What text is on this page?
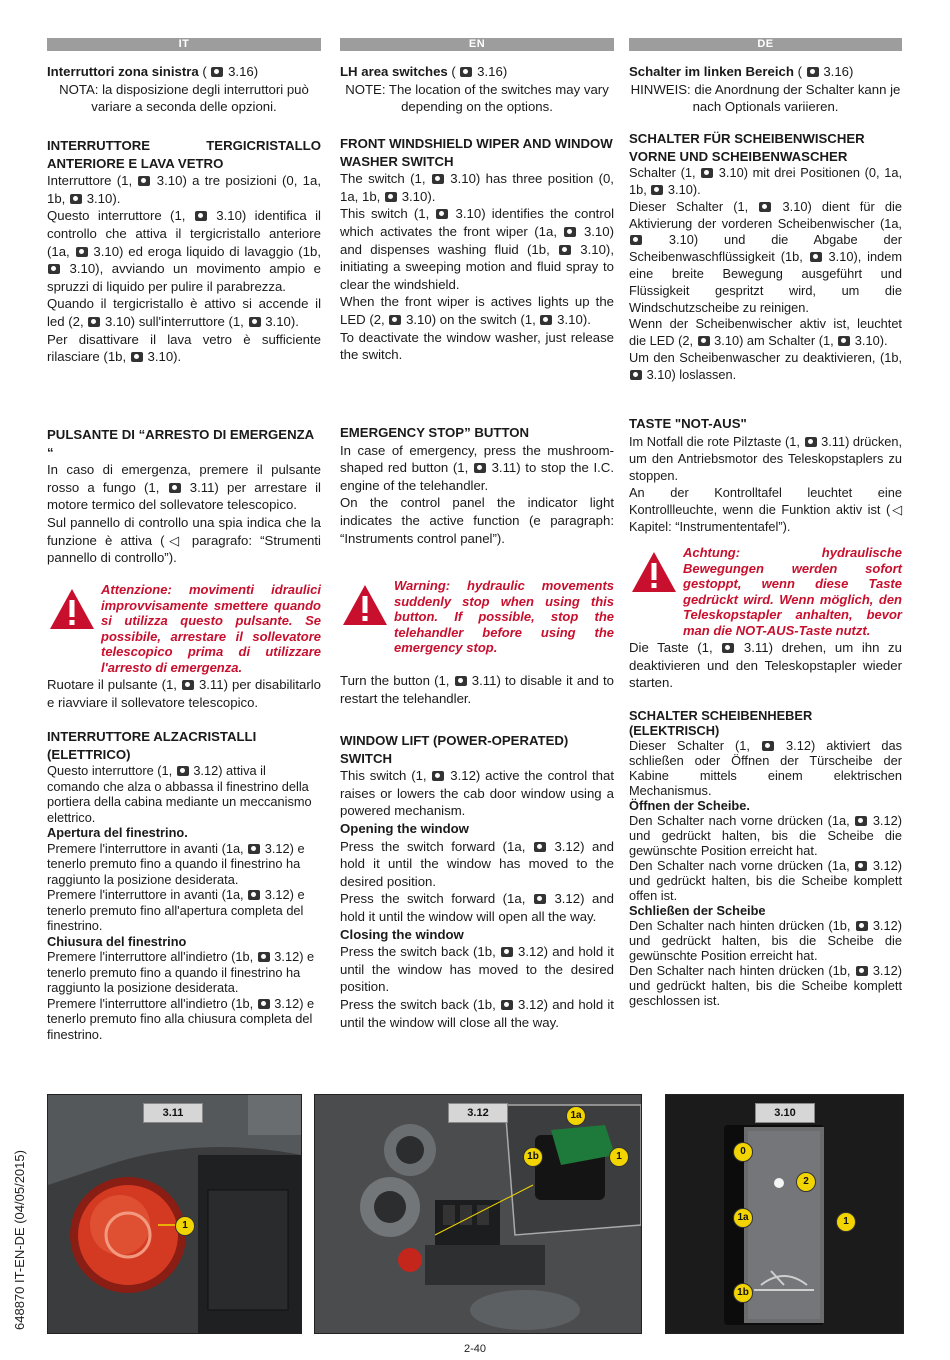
IT

Interruttori zona sinistra (  3.16)

NOTA: la disposizione degli interruttori può variare a seconda delle opzioni.

INTERRUTTORE TERGICRISTALLO ANTERIORE E LAVA VETRO

Interruttore (1, 3.10) a tre posizioni (0, 1a, 1b, 3.10).

Questo interruttore (1, 3.10) identifica il controllo che attiva il tergicristallo anteriore (1a, 3.10) ed eroga liquido di lavaggio (1b,  3.10), avviando un movimento ampio e spruzzi di liquido per pulire il parabrezza.

Quando il tergicristallo è attivo si accende il led (2, 3.10) sull'interruttore (1, 3.10).

Per disattivare il lava vetro è sufficiente rilasciare (1b, 3.10).

PULSANTE DI “ARRESTO DI EMERGENZA “

In caso di emergenza, premere il pulsante rosso a fungo (1, 3.11) per arrestare il motore termico del sollevatore telescopico.

Sul pannello di controllo una spia indica che la funzione è attiva (◁ paragrafo: “Strumenti pannello di controllo”).

Attenzione: movimenti idraulici improvvisamente smettere quando si utilizza questo pulsante. Se possibile, arrestare il sollevatore telescopico prima di utilizzare l'arresto di emergenza.

Ruotare il pulsante (1, 3.11) per disabilitarlo e riavviare il sollevatore telescopico.

INTERRUTTORE ALZACRISTALLI (ELETTRICO)

Questo interruttore (1, 3.12) attiva il comando che alza o abbassa il finestrino della portiera della cabina mediante un meccanismo elettrico.

Apertura del finestrino.

Premere l'interruttore in avanti (1a, 3.12) e tenerlo premuto fino a quando il finestrino ha raggiunto la posizione desiderata.

Premere l'interruttore in avanti (1a, 3.12) e tenerlo premuto fino all'apertura completa del finestrino.

Chiusura del finestrino

Premere l'interruttore all'indietro (1b, 3.12) e tenerlo premuto fino a quando il finestrino ha raggiunto la posizione desiderata.

Premere l'interruttore all'indietro (1b, 3.12) e tenerlo premuto fino alla chiusura completa del finestrino.

EN

LH area switches (  3.16)

NOTE: The location of the switches may vary depending on the options.

FRONT WINDSHIELD WIPER AND WINDOW WASHER SWITCH

The switch (1, 3.10) has three position (0, 1a, 1b, 3.10).

This switch (1, 3.10) identifies the control which activates the front wiper (1a, 3.10) and dispenses washing fluid (1b, 3.10), initiating a sweeping motion and fluid spray to clear the windshield.

When the front wiper is actives lights up the LED (2, 3.10) on the switch (1, 3.10).

To deactivate the window washer, just release the switch.

EMERGENCY STOP” BUTTON

In case of emergency, press the mushroom-shaped red button (1, 3.11) to stop the I.C. engine of the telehandler.

On the control panel the indicator light indicates the active function (e paragraph: “Instruments control panel”).

Warning: hydraulic movements suddenly stop when using this button. If possible, stop the telehandler before using the emergency stop.

Turn the button (1, 3.11) to disable it and to restart the telehandler.

WINDOW LIFT (POWER-OPERATED) SWITCH

This switch (1, 3.12) active the control that raises or lowers the cab door window using a powered mechanism.

Opening the window

Press the switch forward (1a, 3.12) and hold it until the window has moved to the desired position.

Press the switch forward (1a, 3.12) and hold it until the window will open all the way.

Closing the window

Press the switch back (1b, 3.12) and hold it until the window has moved to the desired position.

Press the switch back (1b, 3.12) and hold it until the window will close all the way.

DE

Schalter im linken Bereich (  3.16)

HINWEIS: die Anordnung der Schalter kann je nach Optionals variieren.

SCHALTER FÜR SCHEIBENWISCHER VORNE UND SCHEIBENWASCHER

Schalter (1, 3.10) mit drei Positionen (0, 1a, 1b, 3.10).

Dieser Schalter (1,	3.10) dient für die Aktivierung der vorderen Scheibenwischer (1a,  3.10) und die Abgabe der Scheibenwaschflüssigkeit (1b, 3.10), indem eine breite Bewegung ausgeführt und Flüssigkeit gespritzt wird, um die Windschutzscheibe zu reinigen.

Wenn der Scheibenwischer aktiv ist, leuchtet die LED (2, 3.10) am Schalter (1, 3.10).

Um den Scheibenwascher zu deaktivieren, (1b,  3.10) loslassen.

TASTE "NOT-AUS"

Im Notfall die rote Pilztaste (1, 3.11) drücken, um den Antriebsmotor des Teleskopstaplers zu stoppen.

An der Kontrolltafel leuchtet eine Kontrollleuchte, wenn die Funktion aktiv ist (◁ Kapitel: “Instrumententafel”).

Achtung: hydraulische Bewegungen werden sofort gestoppt, wenn diese Taste gedrückt wird. Wenn möglich, den Teleskopstapler anhalten, bevor man die NOT-AUS-Taste nutzt.

Die Taste (1, 3.11) drehen, um ihn zu deaktivieren und den Teleskopstapler wieder starten.

SCHALTER SCHEIBENHEBER (ELEKTRISCH)

Dieser Schalter (1,	3.12) aktiviert das schließen oder Öffnen der Türscheibe der Kabine mittels einem elektrischen Mechanismus.

Öffnen der Scheibe.

Den Schalter nach vorne drücken (1a, 3.12) und gedrückt halten, bis die Scheibe die gewünschte Position erreicht hat.

Den Schalter nach vorne drücken (1a, 3.12) und gedrückt halten, bis die Scheibe komplett offen ist.

Schließen der Scheibe

Den Schalter nach hinten drücken (1b, 3.12) und gedrückt halten, bis die Scheibe die gewünschte Position erreicht hat.

Den Schalter nach hinten drücken (1b, 3.12) und gedrückt halten, bis die Scheibe komplett geschlossen ist.

3.11
1
3.12	1a
1b	1
3.10
0
2
1a	1
1b
648870 IT-EN-DE (04/05/2015)
2-40
